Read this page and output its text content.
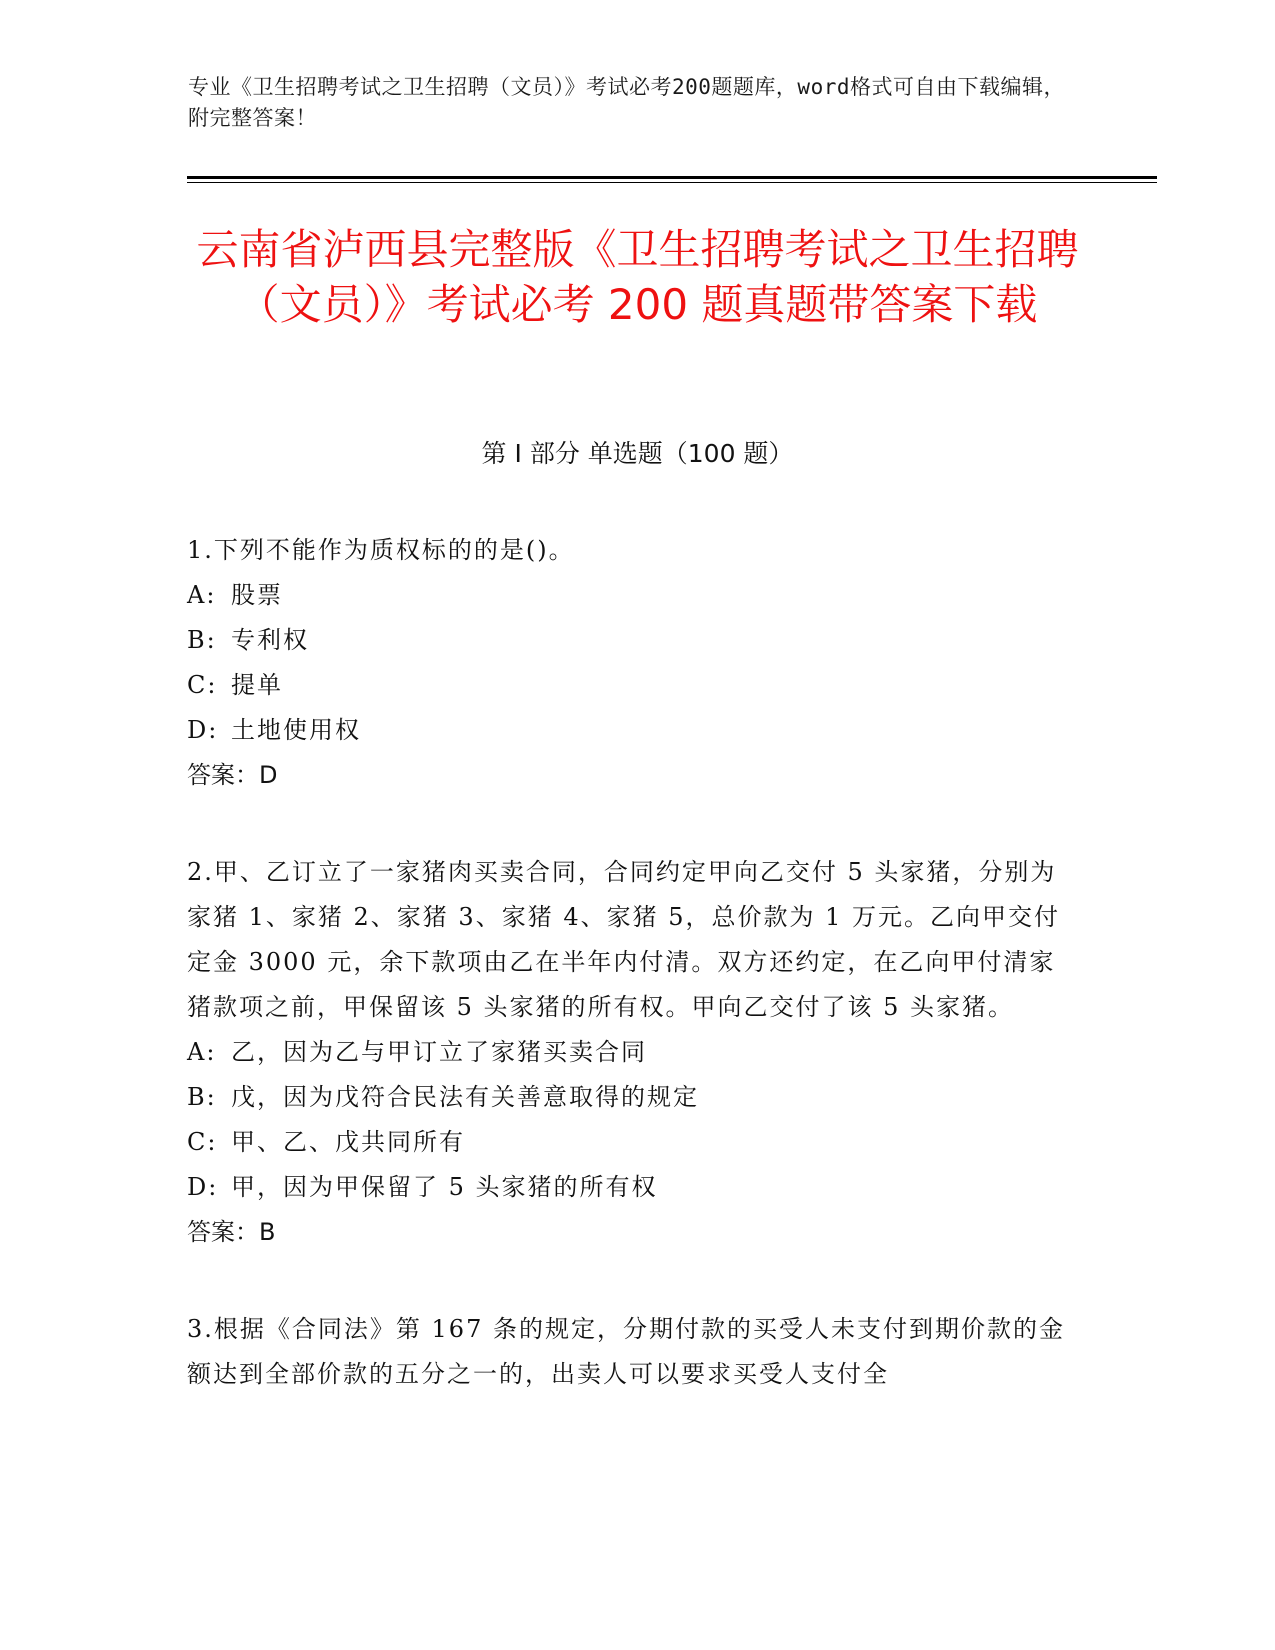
专业《卫生招聘考试之卫生招聘（文员）》考试必考200题题库，word格式可自由下载编辑，附完整答案！
云南省泸西县完整版《卫生招聘考试之卫生招聘（文员）》考试必考 200 题真题带答案下载
第 I 部分 单选题（100 题）
1.下列不能作为质权标的的是()。
A: 股票
B: 专利权
C: 提单
D: 土地使用权
答案：D
2.甲、乙订立了一家猪肉买卖合同，合同约定甲向乙交付 5 头家猪，分别为家猪 1、家猪 2、家猪 3、家猪 4、家猪 5，总价款为 1 万元。乙向甲交付定金 3000 元，余下款项由乙在半年内付清。双方还约定，在乙向甲付清家猪款项之前，甲保留该 5 头家猪的所有权。甲向乙交付了该 5 头家猪。
A: 乙，因为乙与甲订立了家猪买卖合同
B: 戊，因为戊符合民法有关善意取得的规定
C: 甲、乙、戊共同所有
D: 甲，因为甲保留了 5 头家猪的所有权
答案：B
3.根据《合同法》第 167 条的规定，分期付款的买受人未支付到期价款的金额达到全部价款的五分之一的，出卖人可以要求买受人支付全
